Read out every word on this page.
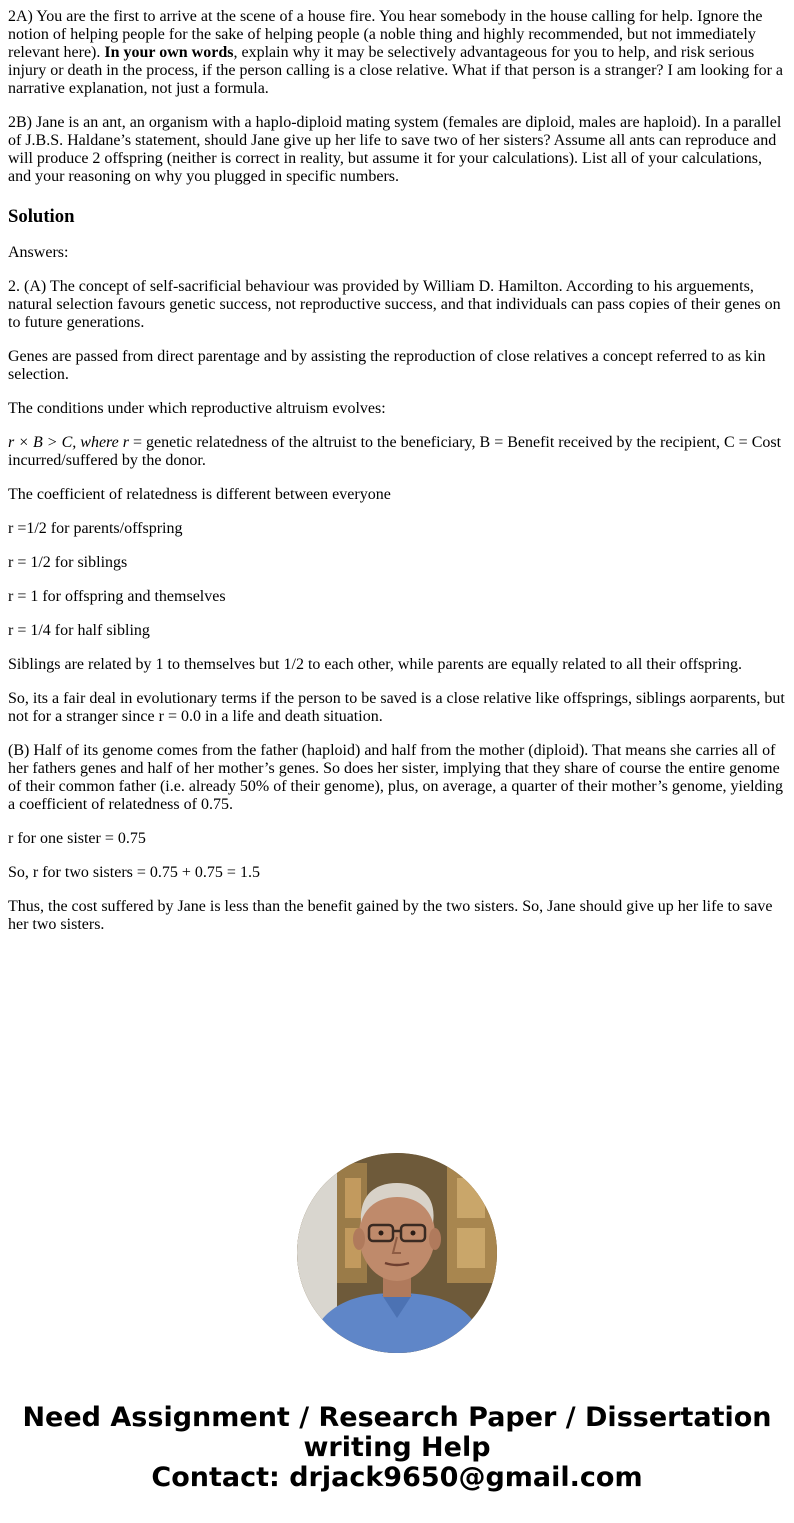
2A) You are the first to arrive at the scene of a house fire. You hear somebody in the house calling for help. Ignore the notion of helping people for the sake of helping people (a noble thing and highly recommended, but not immediately relevant here). In your own words, explain why it may be selectively advantageous for you to help, and risk serious injury or death in the process, if the person calling is a close relative. What if that person is a stranger? I am looking for a narrative explanation, not just a formula.

2B) Jane is an ant, an organism with a haplo-diploid mating system (females are diploid, males are haploid). In a parallel of J.B.S. Haldane’s statement, should Jane give up her life to save two of her sisters? Assume all ants can reproduce and will produce 2 offspring (neither is correct in reality, but assume it for your calculations). List all of your calculations, and your reasoning on why you plugged in specific numbers.

Solution

Answers:

2. (A) The concept of self-sacrificial behaviour was provided by William D. Hamilton. According to his arguements, natural selection favours genetic success, not reproductive success, and that individuals can pass copies of their genes on to future generations.

Genes are passed from direct parentage and by assisting the reproduction of close relatives a concept referred to as kin selection.

The conditions under which reproductive altruism evolves:

r × B > C, where r = genetic relatedness of the altruist to the beneficiary, B = Benefit received by the recipient, C = Cost incurred/suffered by the donor.

The coefficient of relatedness is different between everyone

r =1/2 for parents/offspring

r = 1/2 for siblings

r = 1 for offspring and themselves

r = 1/4 for half sibling

Siblings are related by 1 to themselves but 1/2 to each other, while parents are equally related to all their offspring.

So, its a fair deal in evolutionary terms if the person to be saved is a close relative like offsprings, siblings aorparents, but not for a stranger since r = 0.0 in a life and death situation.

(B) Half of its genome comes from the father (haploid) and half from the mother (diploid). That means she carries all of her fathers genes and half of her mother’s genes. So does her sister, implying that they share of course the entire genome of their common father (i.e. already 50% of their genome), plus, on average, a quarter of their mother’s genome, yielding a coefficient of relatedness of 0.75.

r for one sister = 0.75

So, r for two sisters = 0.75 + 0.75 = 1.5

Thus, the cost suffered by Jane is less than the benefit gained by the two sisters. So, Jane should give up her life to save her two sisters.

Need Assignment / Research Paper / Dissertation
writing Help
Contact: drjack9650@gmail.com
